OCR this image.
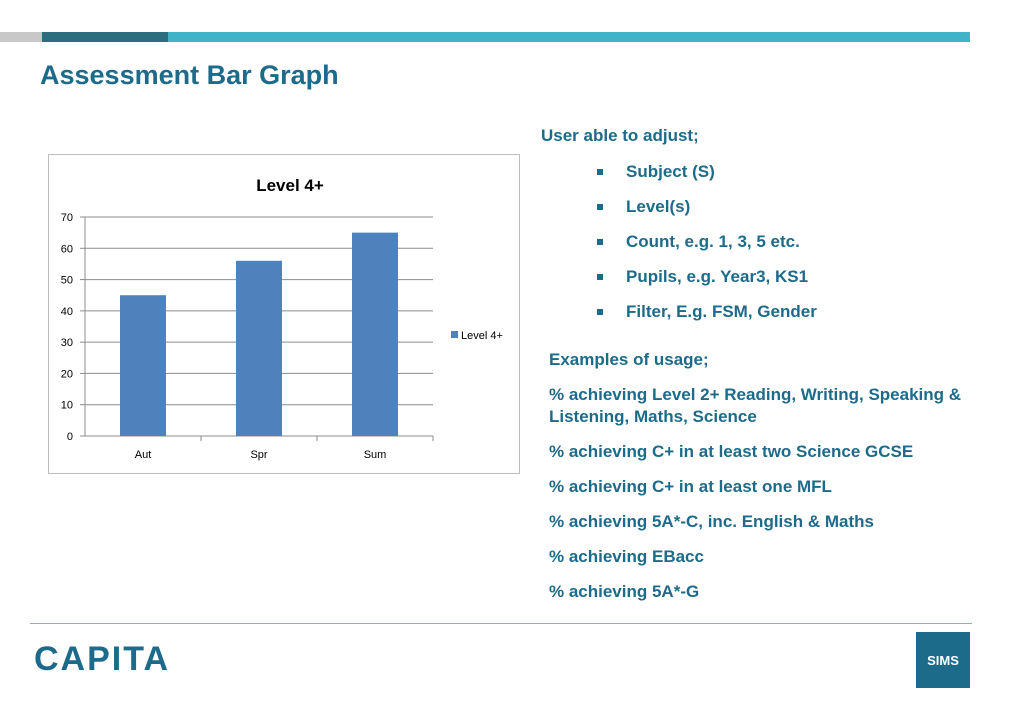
Assessment Bar Graph
Level 4+
0
10
20
30
40
50
60
70
Aut	Spr	Sum
Level 4+
User able to adjust;
Subject (S)
Level(s)
Count, e.g. 1, 3, 5 etc.
Pupils, e.g. Year3, KS1
Filter, E.g. FSM, Gender
Examples of usage;
% achieving Level 2+ Reading, Writing, Speaking & Listening, Maths, Science
% achieving C+ in at least two Science GCSE
% achieving C+ in at least one MFL
% achieving 5A*-C, inc. English & Maths
% achieving EBacc
% achieving 5A*-G
CAPITA	SIMS
